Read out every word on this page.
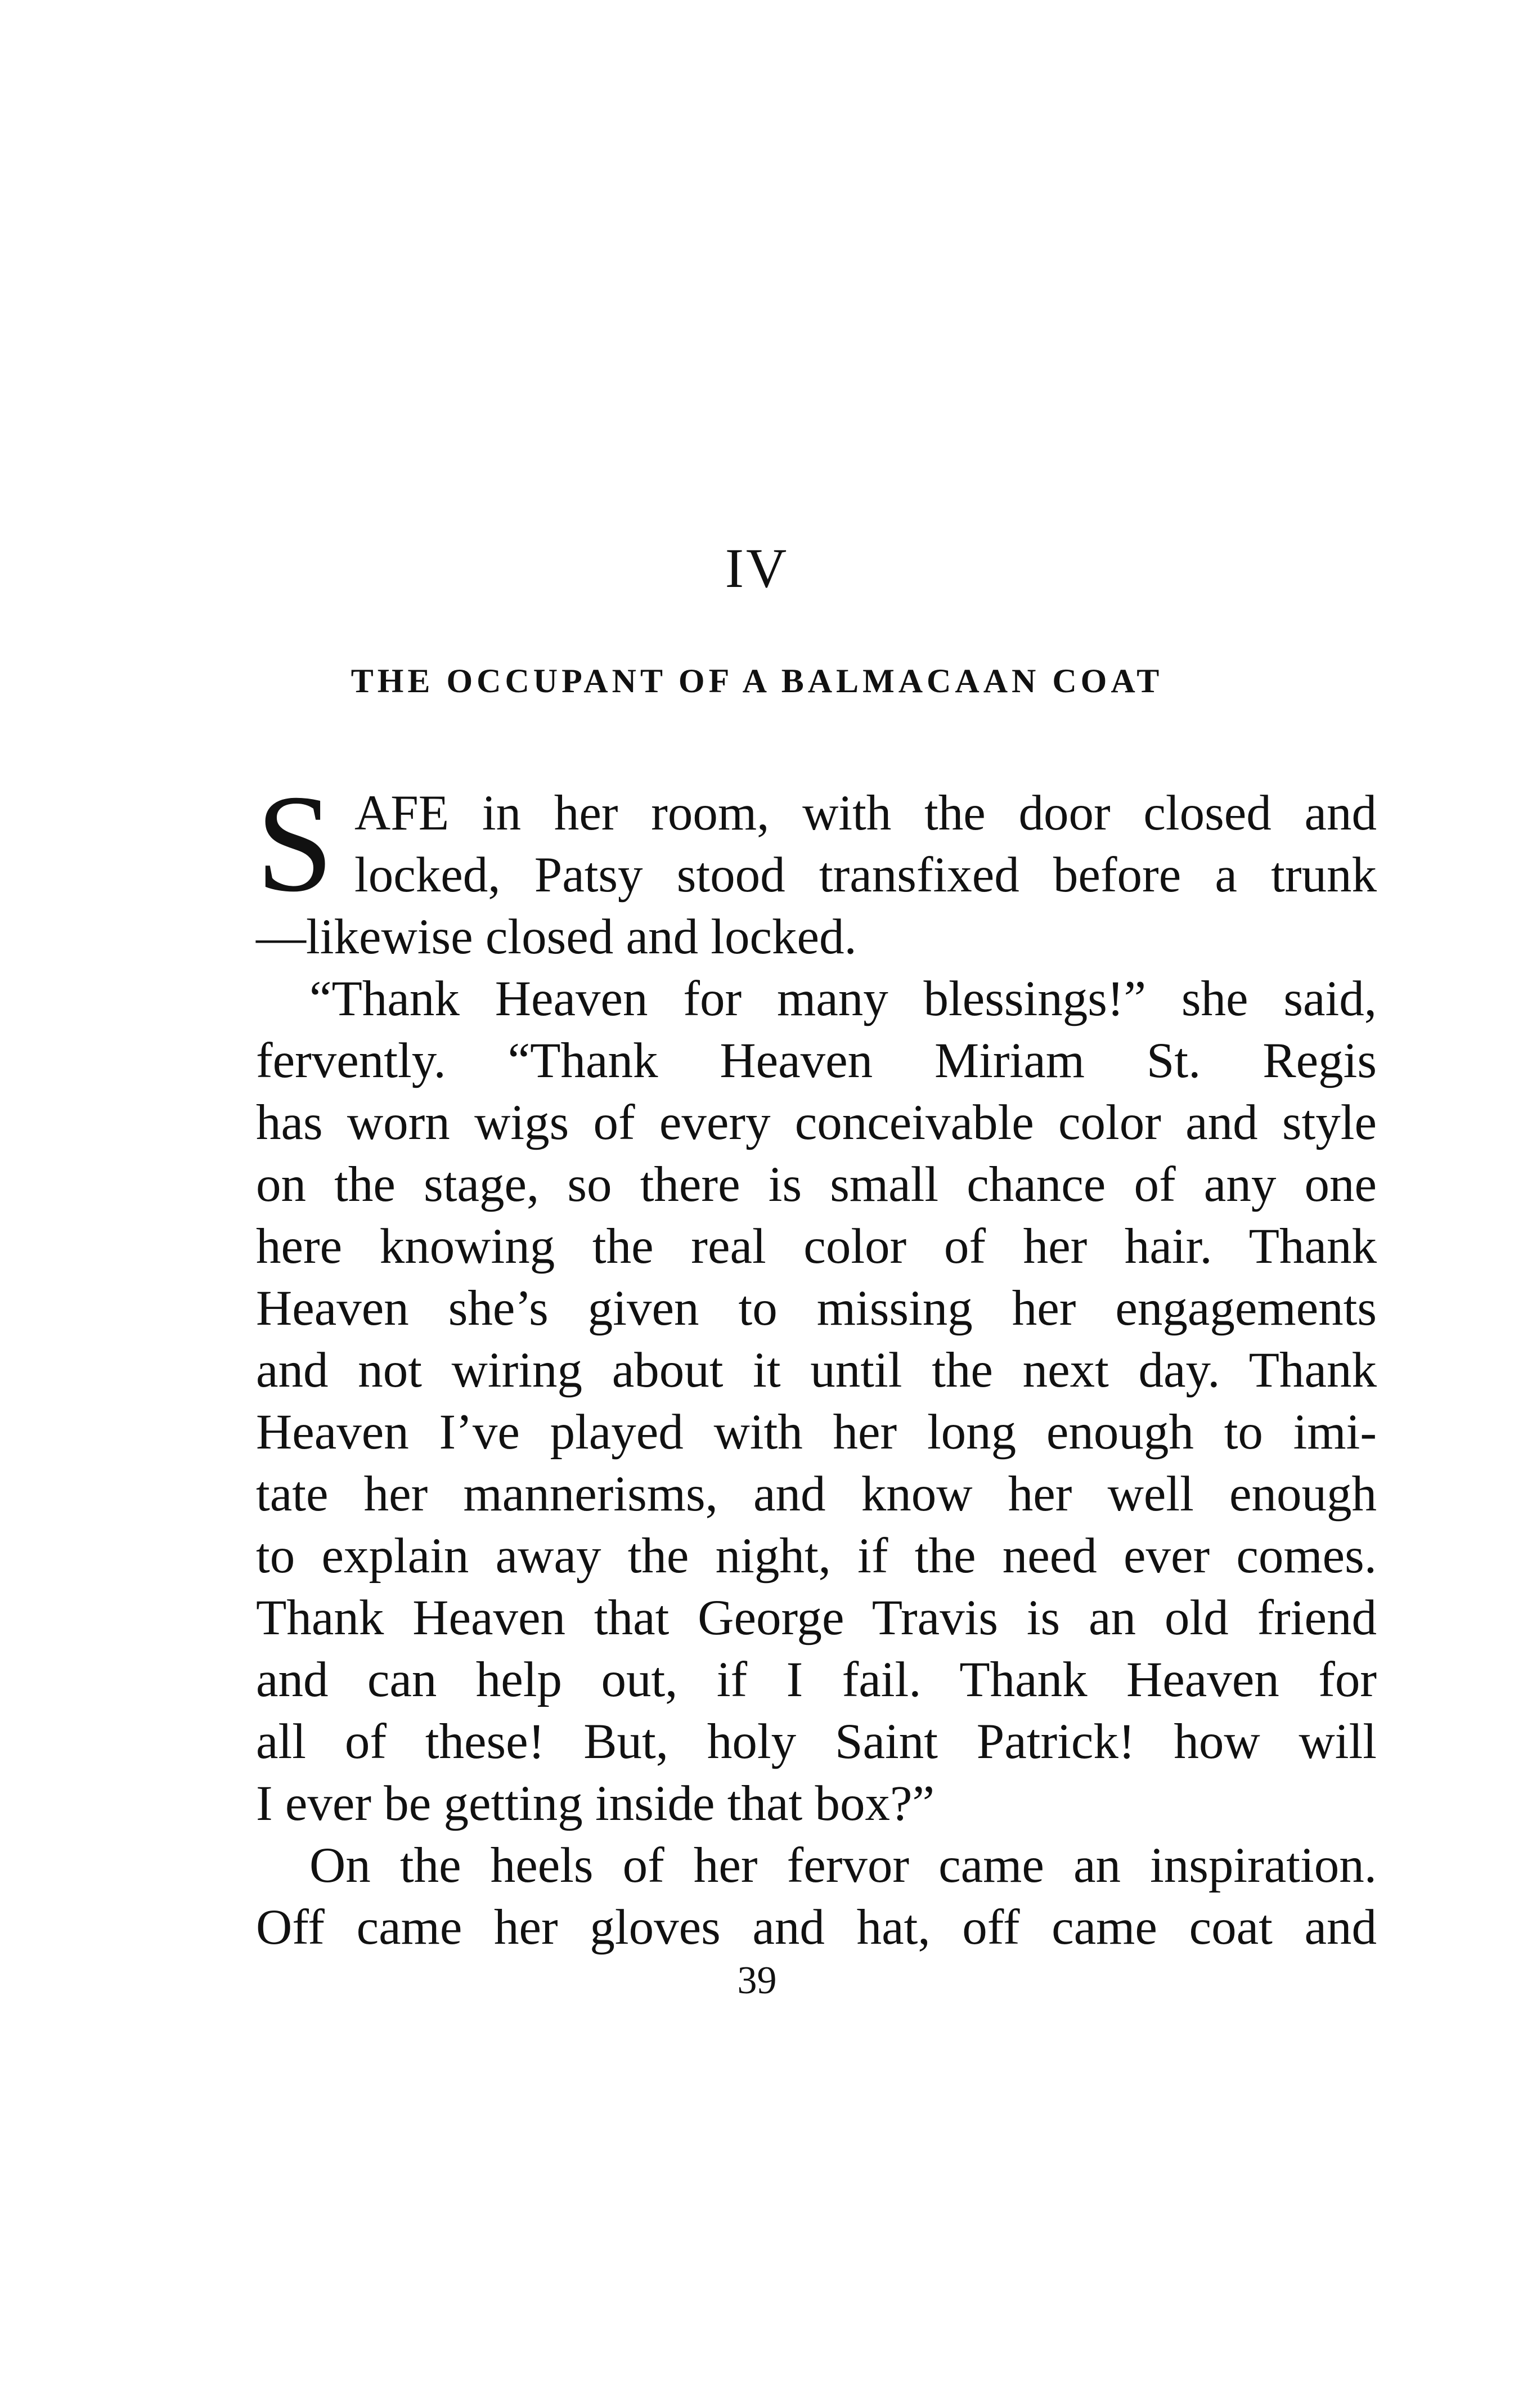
IV
THE OCCUPANT OF A BALMACAAN COAT
S AFE in her room, with the door closed and
locked, Patsy stood transfixed before a trunk
—likewise closed and locked.
“Thank Heaven for many blessings!” she said,
fervently. “Thank Heaven Miriam St. Regis
has worn wigs of every conceivable color and style
on the stage, so there is small chance of any one
here knowing the real color of her hair. Thank
Heaven she’s given to missing her engagements
and not wiring about it until the next day. Thank
Heaven I’ve played with her long enough to imi-
tate her mannerisms, and know her well enough
to explain away the night, if the need ever comes.
Thank Heaven that George Travis is an old friend
and can help out, if I fail. Thank Heaven for
all of these! But, holy Saint Patrick! how will
I ever be getting inside that box?”
On the heels of her fervor came an inspiration.
Off came her gloves and hat, off came coat and
39
